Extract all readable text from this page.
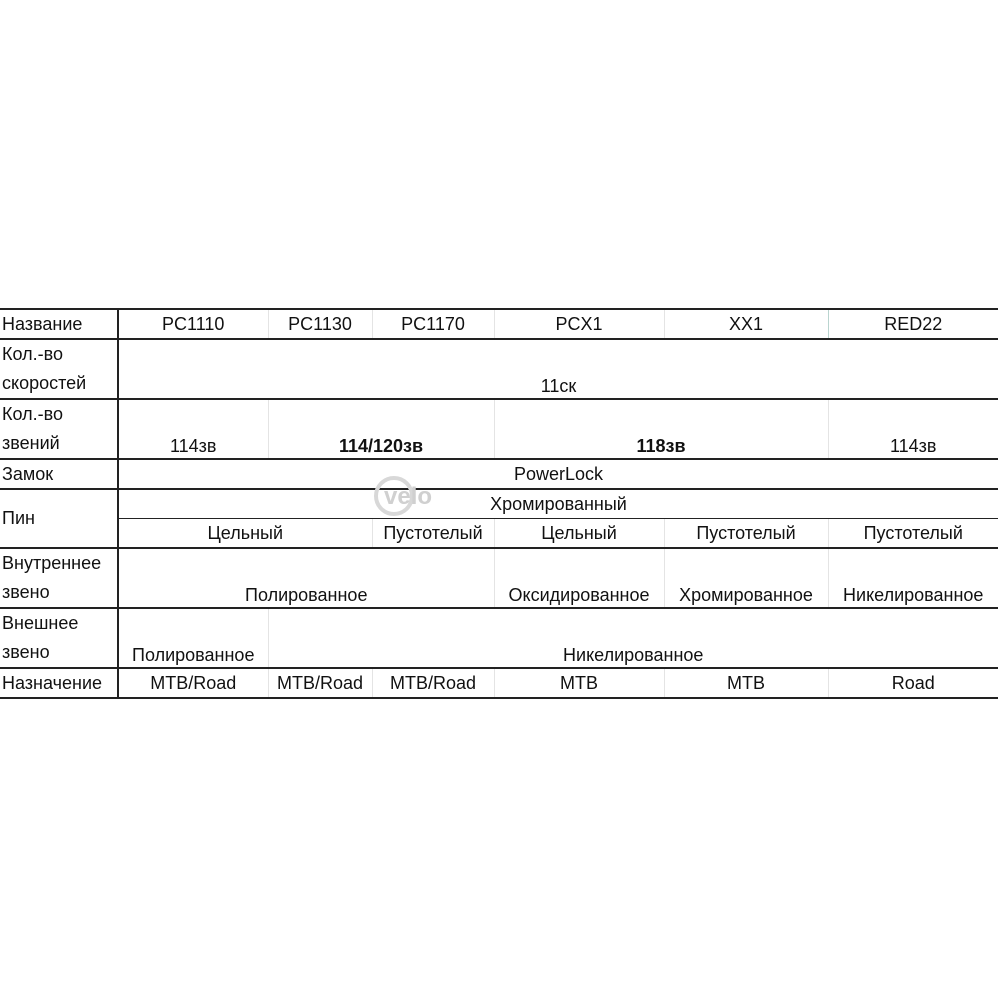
Название	PC1110	PC1130	PC1170	PCX1	XX1	RED22
Кол.-во скоростей	11ск					
Кол.-во звений	114зв	114/120зв		118зв		114зв
Замок	PowerLock					
Пин	Хромированный					
	Цельный		Пустотелый	Цельный	Пустотелый	Пустотелый
Внутреннее звено	Полированное			Оксидированное	Хромированное	Никелированное
Внешнее звено	Полированное	Никелированное				
Назначение	MTB/Road	MTB/Road	MTB/Road	MTB	MTB	Road
velo
